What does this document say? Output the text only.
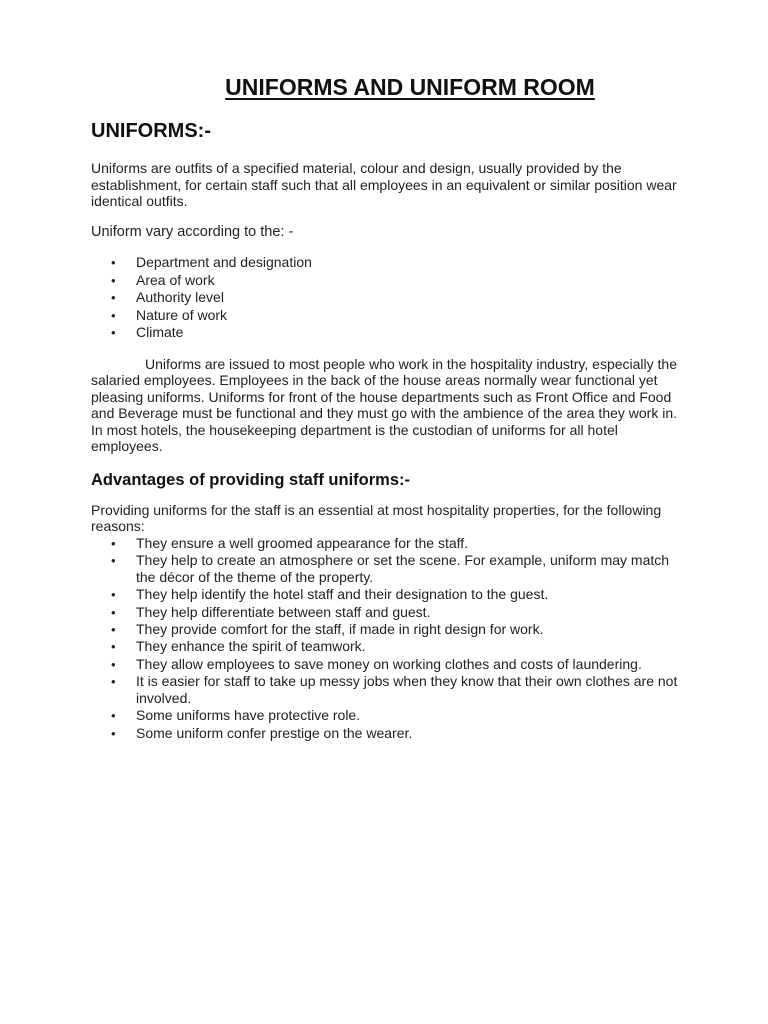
UNIFORMS AND UNIFORM ROOM
UNIFORMS:-

Uniforms are outfits of a specified material, colour and design, usually provided by the establishment, for certain staff such that all employees in an equivalent or similar position wear identical outfits.

Uniform vary according to the: -

• Department and designation
• Area of work
• Authority level
• Nature of work
• Climate

Uniforms are issued to most people who work in the hospitality industry, especially the salaried employees. Employees in the back of the house areas normally wear functional yet pleasing uniforms. Uniforms for front of the house departments such as Front Office and Food and Beverage must be functional and they must go with the ambience of the area they work in. In most hotels, the housekeeping department is the custodian of uniforms for all hotel employees.

Advantages of providing staff uniforms:-

Providing uniforms for the staff is an essential at most hospitality properties, for the following reasons:

• They ensure a well groomed appearance for the staff.
• They help to create an atmosphere or set the scene. For example, uniform may match the décor of the theme of the property.
• They help identify the hotel staff and their designation to the guest.
• They help differentiate between staff and guest.
• They provide comfort for the staff, if made in right design for work.
• They enhance the spirit of teamwork.
• They allow employees to save money on working clothes and costs of laundering.
• It is easier for staff to take up messy jobs when they know that their own clothes are not involved.
• Some uniforms have protective role.
• Some uniform confer prestige on the wearer.
